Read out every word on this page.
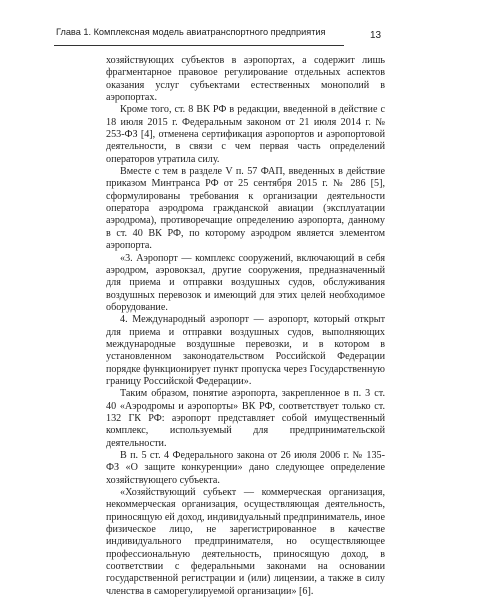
Глава 1. Комплексная модель авиатранспортного предприятия	13

хозяйствующих субъектов в аэропортах, а содержит лишь фрагментарное правовое регулирование отдельных аспектов оказания услуг субъектами естественных монополий в аэропортах.

Кроме того, ст. 8 ВК РФ в редакции, введенной в действие с 18 июля 2015 г. Федеральным законом от 21 июля 2014 г. № 253-ФЗ [4], отменена сертификация аэропортов и аэропортовой деятельности, в связи с чем первая часть определений операторов утратила силу.

Вместе с тем в разделе V п. 57 ФАП, введенных в действие приказом Минтранса РФ от 25 сентября 2015 г. № 286 [5], сформулированы требования к организации деятельности оператора аэродрома гражданской авиации (эксплуатации аэродрома), противоречащие определению аэропорта, данному в ст. 40 ВК РФ, по которому аэродром является элементом аэропорта.

«3. Аэропорт — комплекс сооружений, включающий в себя аэродром, аэровокзал, другие сооружения, предназначенный для приема и отправки воздушных судов, обслуживания воздушных перевозок и имеющий для этих целей необходимое оборудование.

4. Международный аэропорт — аэропорт, который открыт для приема и отправки воздушных судов, выполняющих международные воздушные перевозки, и в котором в установленном законодательством Российской Федерации порядке функционирует пункт пропуска через Государственную границу Российской Федерации».

Таким образом, понятие аэропорта, закрепленное в п. 3 ст. 40 «Аэродромы и аэропорты» ВК РФ, соответствует только ст. 132 ГК РФ: аэропорт представляет собой имущественный комплекс, используемый для предпринимательской деятельности.

В п. 5 ст. 4 Федерального закона от 26 июля 2006 г. № 135-ФЗ «О защите конкуренции» дано следующее определение хозяйствующего субъекта.

«Хозяйствующий субъект — коммерческая организация, некоммерческая организация, осуществляющая деятельность, приносящую ей доход, индивидуальный предприниматель, иное физическое лицо, не зарегистрированное в качестве индивидуального предпринимателя, но осуществляющее профессиональную деятельность, приносящую доход, в соответствии с федеральными законами на основании государственной регистрации и (или) лицензии, а также в силу членства в саморегулируемой организации» [6].
